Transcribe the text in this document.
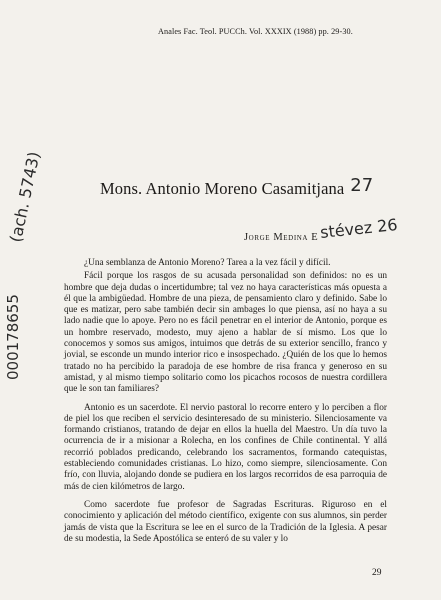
Anales Fac. Teol. PUCCh. Vol. XXXIX (1988) pp. 29-30.
Mons. Antonio Moreno Casamitjana 27
Jorge Medina Estévez 26
(ach. 5743)
000178655

¿Una semblanza de Antonio Moreno? Tarea a la vez fácil y difícil.

Fácil porque los rasgos de su acusada personalidad son definidos: no es un hombre que deja dudas o incertidumbre; tal vez no haya características más opuesta a él que la ambigüedad. Hombre de una pieza, de pensamiento claro y definido. Sabe lo que es matizar, pero sabe también decir sin ambages lo que piensa, así no haya a su lado nadie que lo apoye. Pero no es fácil penetrar en el interior de Antonio, porque es un hombre reservado, modesto, muy ajeno a hablar de sí mismo. Los que lo conocemos y somos sus amigos, intuimos que detrás de su exterior sencillo, franco y jovial, se esconde un mundo interior rico e insospechado. ¿Quién de los que lo hemos tratado no ha percibido la paradoja de ese hombre de risa franca y generoso en su amistad, y al mismo tiempo solitario como los picachos rocosos de nuestra cordillera que le son tan familiares?

Antonio es un sacerdote. El nervio pastoral lo recorre entero y lo perciben a flor de piel los que reciben el servicio desinteresado de su ministerio. Silenciosamente va formando cristianos, tratando de dejar en ellos la huella del Maestro. Un día tuvo la ocurrencia de ir a misionar a Rolecha, en los confines de Chile continental. Y allá recorrió poblados predicando, celebrando los sacramentos, formando catequistas, estableciendo comunidades cristianas. Lo hizo, como siempre, silenciosamente. Con frío, con lluvia, alojando donde se pudiera en los largos recorridos de esa parroquia de más de cien kilómetros de largo.

Como sacerdote fue profesor de Sagradas Escrituras. Riguroso en el conocimiento y aplicación del método científico, exigente con sus alumnos, sin perder jamás de vista que la Escritura se lee en el surco de la Tradición de la Iglesia. A pesar de su modestia, la Sede Apostólica se enteró de su valer y lo

29
